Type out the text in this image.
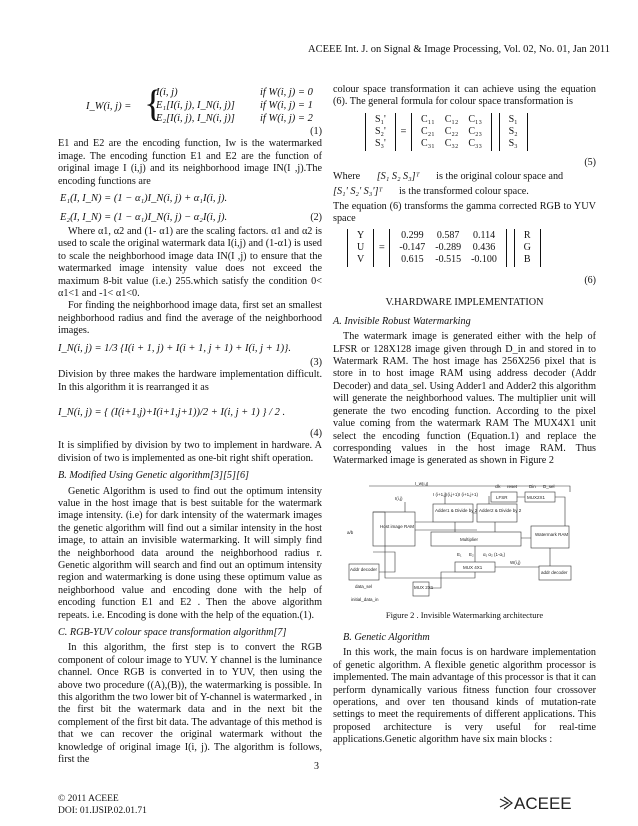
ACEEE Int. J. on Signal & Image Processing, Vol. 02, No. 01, Jan 2011
I_W(i, j) = {
I(i, j)	if W(i, j) = 0
E₁[I(i, j), I_N(i, j)]	if W(i, j) = 1
E₂[I(i, j), I_N(i, j)]	if W(i, j) = 2
(1)

E1 and E2 are the encoding function, Iw is the watermarked image. The encoding function E1 and E2 are the function of original image I (i,j) and its neighborhood image IN(I ,j).The encoding functions are

E₁(I, I_N) = (1 − α₁)I_N(i, j) + α₁I(i, j).
E₂(I, I_N) = (1 − α₁)I_N(i, j) − α₂I(i, j).	(2)

Where α1, α2 and (1- α1) are the scaling factors. α1 and α2 is used to scale the original watermark data I(i,j) and (1-α1) is used to scale the neighborhood image data IN(I ,j) to ensure that the watermarked image intensity value does not exceed the maximum 8-bit value (i.e.) 255.which satisfy the condition 0< α1<1 and -1< α1<0.

For finding the neighborhood image data, first set an smallest neighborhood radius and find the average of the neighborhood images.

I_N(i, j) = 1/3 {I(i + 1, j) + I(i + 1, j + 1) + I(i, j + 1)}.
(3)

Division by three makes the hardware implementation difficult. In this algorithm it is rearranged it as

I_N(i, j) = { (I(i+1,j)+I(i+1,j+1))/2 + I(i, j + 1) } / 2 .
(4)

It is simplified by division by two to implement in hardware. A division of two is implemented as one-bit right shift operation.

B. Modified Using Genetic algorithm[3][5][6]

Genetic Algorithm is used to find out the optimum intensity value in the host image that is best suitable for the watermark image intensity. (i.e) for dark intensity of the watermark images the genetic algorithm will find out a similar intensity in the host image, to attain an invisible watermarking. It will simply find the neighborhood data around the neighborhood radius r. Genetic algorithm will search and find out an optimum intensity region and watermarking is done using these optimum value as neighborhood value and encoding done with the help of encoding function E1 and E2 . Then the above algorithm repeats. i.e. Encoding is done with the help of the equation.(1).

C. RGB-YUV colour space transformation algorithm[7]

In this algorithm, the first step is to convert the RGB component of colour image to YUV. Y channel is the luminance channel. Once RGB is converted in to YUV, then using the above two procedure ((A),(B)), the watermarking is possible. In this algorithm the two lower bit of Y-channel is watermarked , in the first bit the watermark data and in the next bit the complement of the first bit data. The advantage of this method is that we can recover the original watermark without the knowledge of original image I(i, j). The algorithm is follows, first the

colour space transformation it can achieve using the equation (6). The general formula for colour space transformation is

S₁'
S₂'
S₃'
=
C₁₁	C₁₂	C₁₃
C₂₁	C₂₂	C₂₃
C₃₁	C₃₂	C₃₃

S₁
S₂
S₃
(5)

Where [S₁ S₂ S₃]ᵀ is the original colour space and

[S₁' S₂' S₃']ᵀ is the transformed colour space.

The equation (6) transforms the gamma corrected RGB to YUV space

Y
U
V
=
0.299	0.587	0.114
-0.147	-0.289	0.436
0.615	-0.515	-0.100

R
G
B
(6)

V.HARDWARE IMPLEMENTATION

A. Invisible Robust Watermarking

The watermark image is generated either with the help of LFSR or 128X128 image given through D_in and stored in to Watermark RAM. The host image has 256X256 pixel that is store in to host image RAM using address decoder (Addr Decoder) and data_sel. Using Adder1 and Adder2 this algorithm will generate the neighborhood values. The multiplier unit will generate the two encoding function. According to the pixel value coming from the watermark RAM The MUX4X1 unit select the encoding function (Equation.1) and replace the corresponding values in the host image RAM. Thus Watermarked image is generated as shown in Figure 2

Host image RAM
Adder1 & Divide by 2 Adder2 & Divide by 2
Multiplier
MUX 4X1
Addr decoder
MUX 2X1
LFSR	MUX2X1
Watermark RAM
addr decoder
clk reset	Din D_sel
data_sel
initial_data_in
I_w(i,j)
I(i,j)
a/b
I (i+1,j)
I (i,j+1) I (i+1,j+1)
E₁ E₂ α₁ α₂ (1-α₁)
W(i,j)
Figure 2 . Invisible Watermarking architecture

B. Genetic Algorithm

In this work, the main focus is on hardware implementation of genetic algorithm. A flexible genetic algorithm processor is implemented. The main advantage of this processor is that it can perform dynamically various fitness function four crossover operations, and over ten thousand kinds of mutation-rate settings to meet the requirements of different applications. This proposed architecture is very useful for real-time applications.Genetic algorithm have six main blocks :

3
© 2011 ACEEE
DOI: 01.IJSIP.02.01.71	ACEEE
